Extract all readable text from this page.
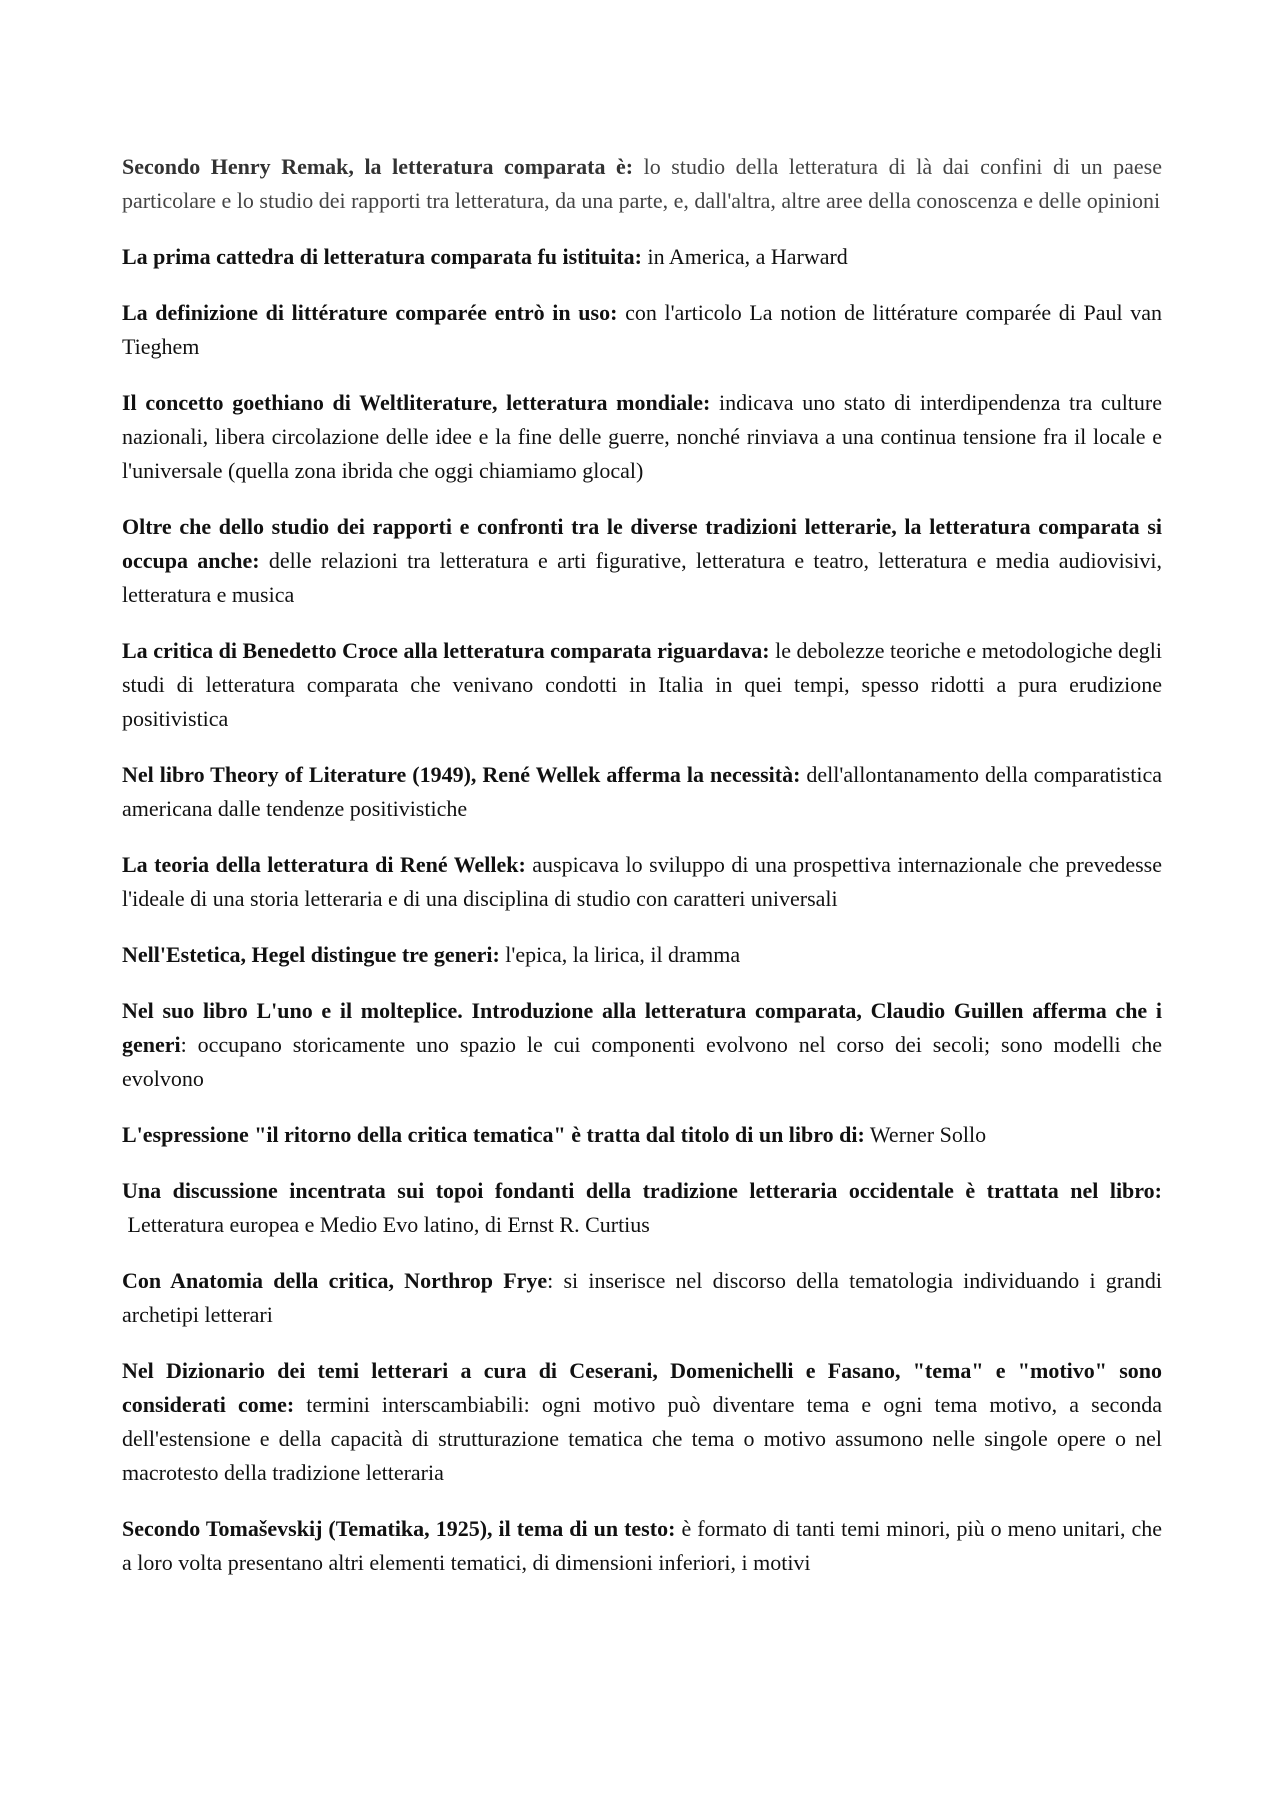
Secondo Henry Remak, la letteratura comparata è: lo studio della letteratura di là dai confini di un paese particolare e lo studio dei rapporti tra letteratura, da una parte, e, dall'altra, altre aree della conoscenza e delle opinioni

La prima cattedra di letteratura comparata fu istituita: in America, a Harward

La definizione di littérature comparée entrò in uso: con l'articolo La notion de littérature comparée di Paul van Tieghem

Il concetto goethiano di Weltliterature, letteratura mondiale: indicava uno stato di interdipendenza tra culture nazionali, libera circolazione delle idee e la fine delle guerre, nonché rinviava a una continua tensione fra il locale e l'universale (quella zona ibrida che oggi chiamiamo glocal)

Oltre che dello studio dei rapporti e confronti tra le diverse tradizioni letterarie, la letteratura comparata si occupa anche: delle relazioni tra letteratura e arti figurative, letteratura e teatro, letteratura e media audiovisivi, letteratura e musica

La critica di Benedetto Croce alla letteratura comparata riguardava: le debolezze teoriche e metodologiche degli studi di letteratura comparata che venivano condotti in Italia in quei tempi, spesso ridotti a pura erudizione positivistica

Nel libro Theory of Literature (1949), René Wellek afferma la necessità: dell'allontanamento della comparatistica americana dalle tendenze positivistiche

La teoria della letteratura di René Wellek: auspicava lo sviluppo di una prospettiva internazionale che prevedesse l'ideale di una storia letteraria e di una disciplina di studio con caratteri universali

Nell'Estetica, Hegel distingue tre generi: l'epica, la lirica, il dramma

Nel suo libro L'uno e il molteplice. Introduzione alla letteratura comparata, Claudio Guillen afferma che i generi: occupano storicamente uno spazio le cui componenti evolvono nel corso dei secoli; sono modelli che evolvono

L'espressione "il ritorno della critica tematica" è tratta dal titolo di un libro di: Werner Sollo

Una discussione incentrata sui topoi fondanti della tradizione letteraria occidentale è trattata nel libro: Letteratura europea e Medio Evo latino, di Ernst R. Curtius

Con Anatomia della critica, Northrop Frye: si inserisce nel discorso della tematologia individuando i grandi archetipi letterari

Nel Dizionario dei temi letterari a cura di Ceserani, Domenichelli e Fasano, "tema" e "motivo" sono considerati come: termini interscambiabili: ogni motivo può diventare tema e ogni tema motivo, a seconda dell'estensione e della capacità di strutturazione tematica che tema o motivo assumono nelle singole opere o nel macrotesto della tradizione letteraria

Secondo Tomaševskij (Tematika, 1925), il tema di un testo: è formato di tanti temi minori, più o meno unitari, che a loro volta presentano altri elementi tematici, di dimensioni inferiori, i motivi
